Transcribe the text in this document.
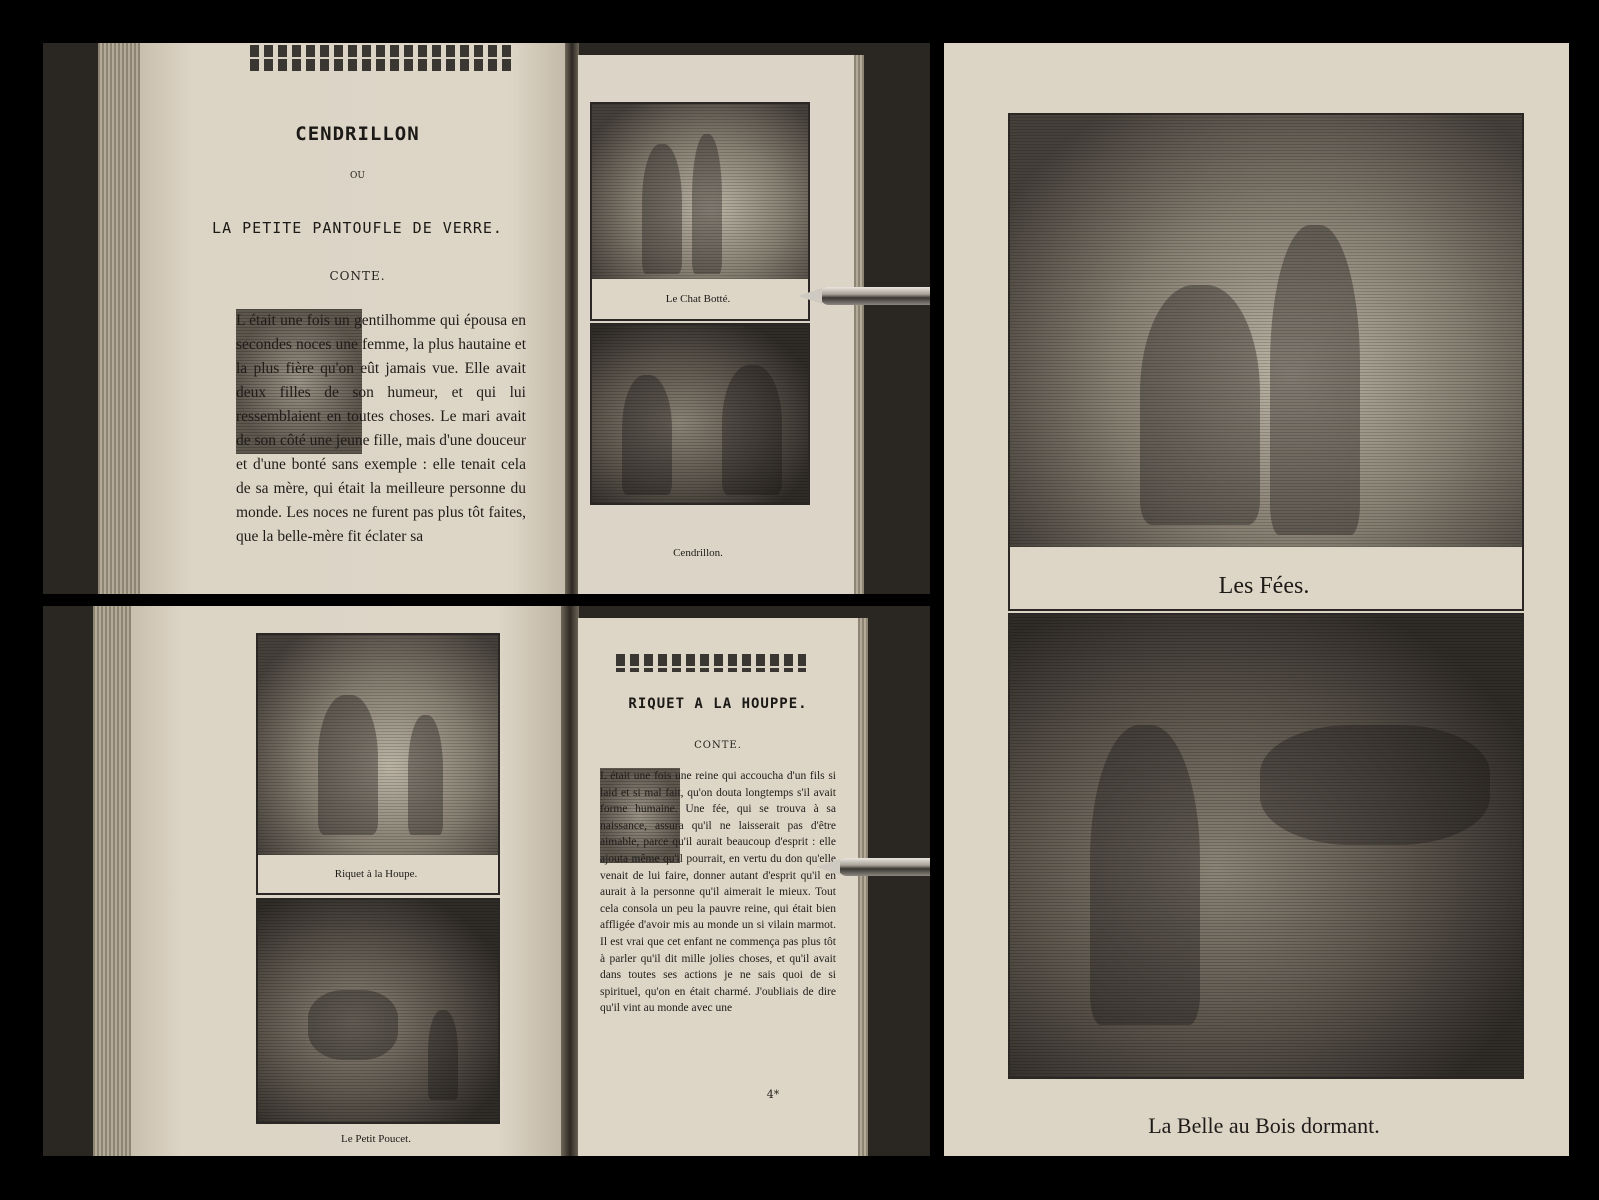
CENDRILLON
OU
LA PETITE PANTOUFLE DE VERRE.
CONTE.
L était une fois un gentilhomme qui épousa en secondes noces une femme, la plus hautaine et la plus fière qu'on eût jamais vue. Elle avait deux filles de son humeur, et qui lui ressemblaient en toutes choses. Le mari avait de son côté une jeune fille, mais d'une douceur et d'une bonté sans exemple : elle tenait cela de sa mère, qui était la meilleure personne du monde. Les noces ne furent pas plus tôt faites, que la belle-mère fit éclater sa
Le Chat Botté.
Cendrillon.
Riquet à la Houpe.
Le Petit Poucet.
RIQUET A LA HOUPPE.
CONTE.
L était une fois une reine qui accoucha d'un fils si laid et si mal fait, qu'on douta longtemps s'il avait forme humaine. Une fée, qui se trouva à sa naissance, assura qu'il ne laisserait pas d'être aimable, parce qu'il aurait beaucoup d'esprit : elle ajouta même qu'il pourrait, en vertu du don qu'elle venait de lui faire, donner autant d'esprit qu'il en aurait à la personne qu'il aimerait le mieux. Tout cela consola un peu la pauvre reine, qui était bien affligée d'avoir mis au monde un si vilain marmot. Il est vrai que cet enfant ne commença pas plus tôt à parler qu'il dit mille jolies choses, et qu'il avait dans toutes ses actions je ne sais quoi de si spirituel, qu'on en était charmé. J'oubliais de dire qu'il vint au monde avec une
4*
Les Fées.
La Belle au Bois dormant.
